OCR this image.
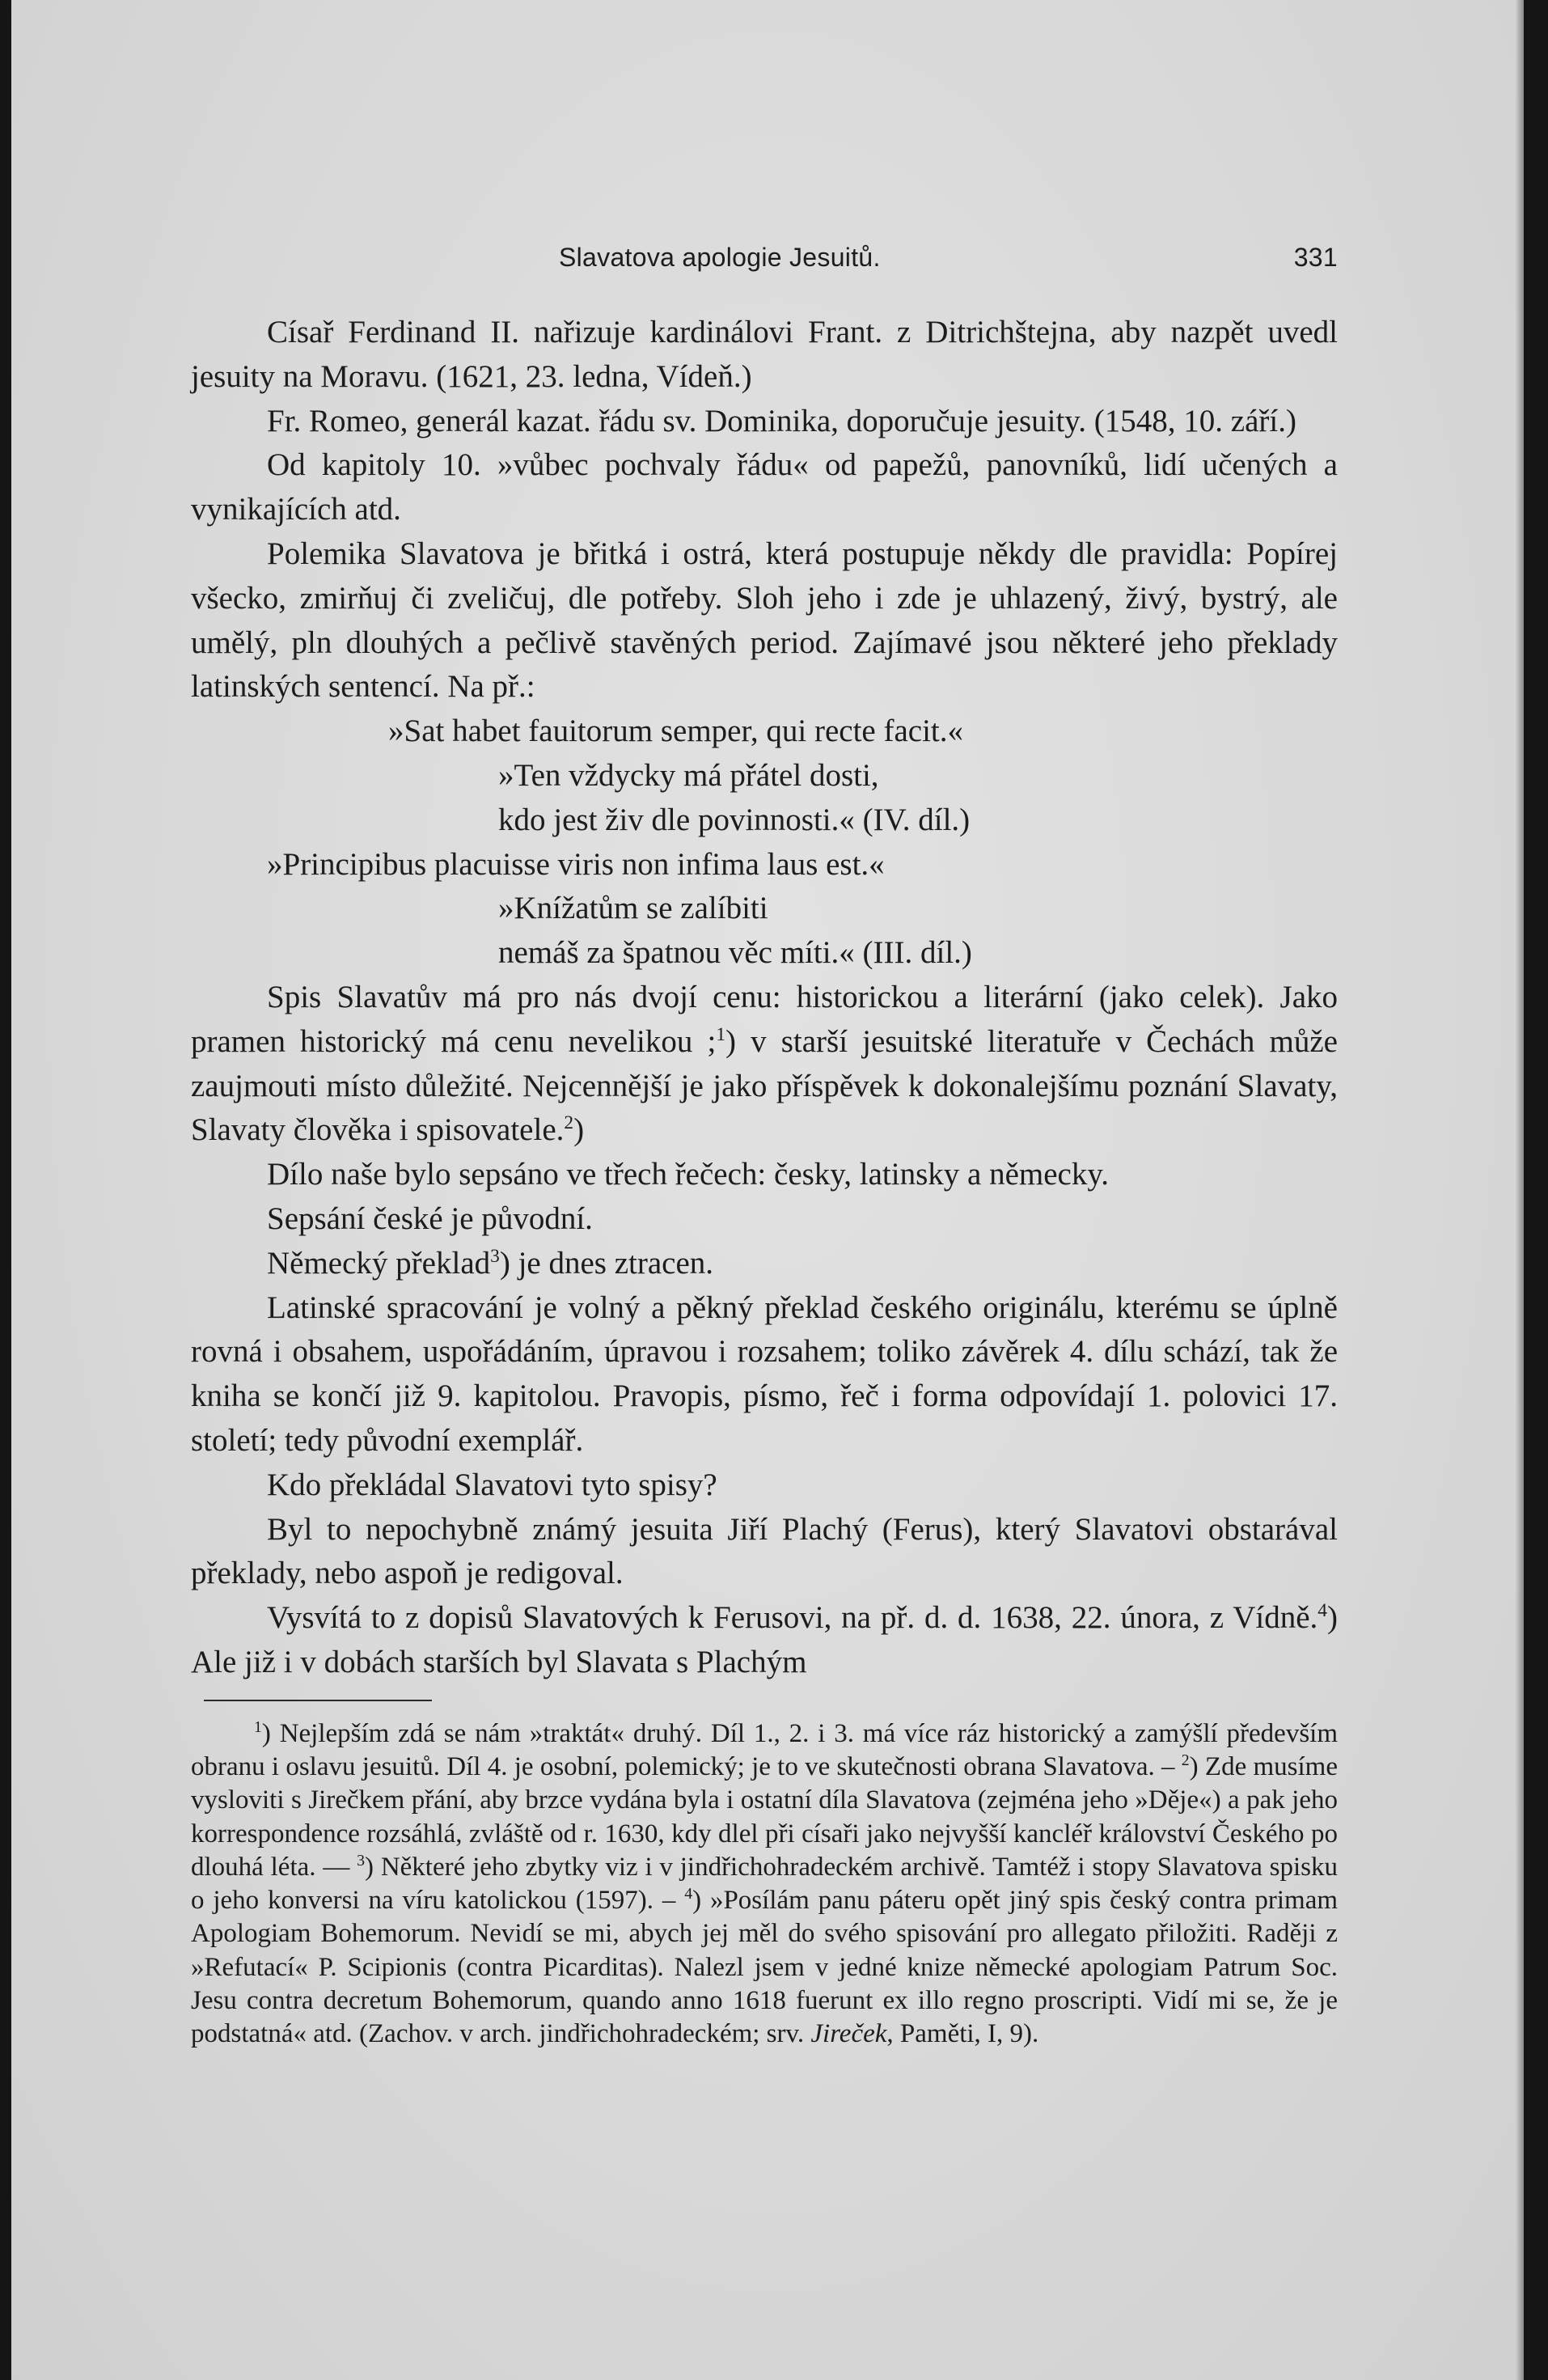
Slavatova apologie Jesuitů.	331

Císař Ferdinand II. nařizuje kardinálovi Frant. z Ditrichštejna, aby nazpět uvedl jesuity na Moravu. (1621, 23. ledna, Vídeň.)

Fr. Romeo, generál kazat. řádu sv. Dominika, doporučuje jesuity. (1548, 10. září.)

Od kapitoly 10. »vůbec pochvaly řádu« od papežů, panovníků, lidí učených a vynikajících atd.

Polemika Slavatova je břitká i ostrá, která postupuje někdy dle pravidla: Popírej všecko, zmirňuj či zveličuj, dle potřeby. Sloh jeho i zde je uhlazený, živý, bystrý, ale umělý, pln dlouhých a pečlivě stavěných period. Zajímavé jsou některé jeho překlady latinských sentencí. Na př.:

»Sat habet fauitorum semper, qui recte facit.«
»Ten vždycky má přátel dosti,
kdo jest živ dle povinnosti.« (IV. díl.)
»Principibus placuisse viris non infima laus est.«
»Knížatům se zalíbiti
nemáš za špatnou věc míti.« (III. díl.)

Spis Slavatův má pro nás dvojí cenu: historickou a literární (jako celek). Jako pramen historický má cenu nevelikou ;$^1$) v starší jesuitské literatuře v Čechách může zaujmouti místo důležité. Nejcennější je jako příspěvek k dokonalejšímu poznání Slavaty, Slavaty člověka i spisovatele.$^2$)

Dílo naše bylo sepsáno ve třech řečech: česky, latinsky a německy.

Sepsání české je původní.

Německý překlad$^3$) je dnes ztracen.

Latinské spracování je volný a pěkný překlad českého originálu, kterému se úplně rovná i obsahem, uspořádáním, úpravou i rozsahem; toliko závěrek 4. dílu schází, tak že kniha se končí již 9. kapitolou. Pravopis, písmo, řeč i forma odpovídají 1. polovici 17. století; tedy původní exemplář.

Kdo překládal Slavatovi tyto spisy?

Byl to nepochybně známý jesuita Jiří Plachý (Ferus), který Slavatovi obstarával překlady, nebo aspoň je redigoval.

Vysvítá to z dopisů Slavatových k Ferusovi, na př. d. d. 1638, 22. února, z Vídně.$^4$) Ale již i v dobách starších byl Slavata s Plachým

$^1$) Nejlepším zdá se nám »traktát« druhý. Díl 1., 2. i 3. má více ráz historický a zamýšlí především obranu i oslavu jesuitů. Díl 4. je osobní, polemický; je to ve skutečnosti obrana Slavatova. – $^2$) Zde musíme vysloviti s Jirečkem přání, aby brzce vydána byla i ostatní díla Slavatova (zejména jeho »Děje«) a pak jeho korrespondence rozsáhlá, zvláště od r. 1630, kdy dlel při císaři jako nejvyšší kancléř království Českého po dlouhá léta. — $^3$) Některé jeho zbytky viz i v jindřichohradeckém archivě. Tamtéž i stopy Slavatova spisku o jeho konversi na víru katolickou (1597). – $^4$) »Posílám panu páteru opět jiný spis český contra primam Apologiam Bohemorum. Nevidí se mi, abych jej měl do svého spisování pro allegato přiložiti. Raději z »Refutací« P. Scipionis (contra Picarditas). Nalezl jsem v jedné knize německé apologiam Patrum Soc. Jesu contra decretum Bohemorum, quando anno 1618 fuerunt ex illo regno proscripti. Vidí mi se, že je podstatná« atd. (Zachov. v arch. jindřichohradeckém; srv. Jireček, Paměti, I, 9).
